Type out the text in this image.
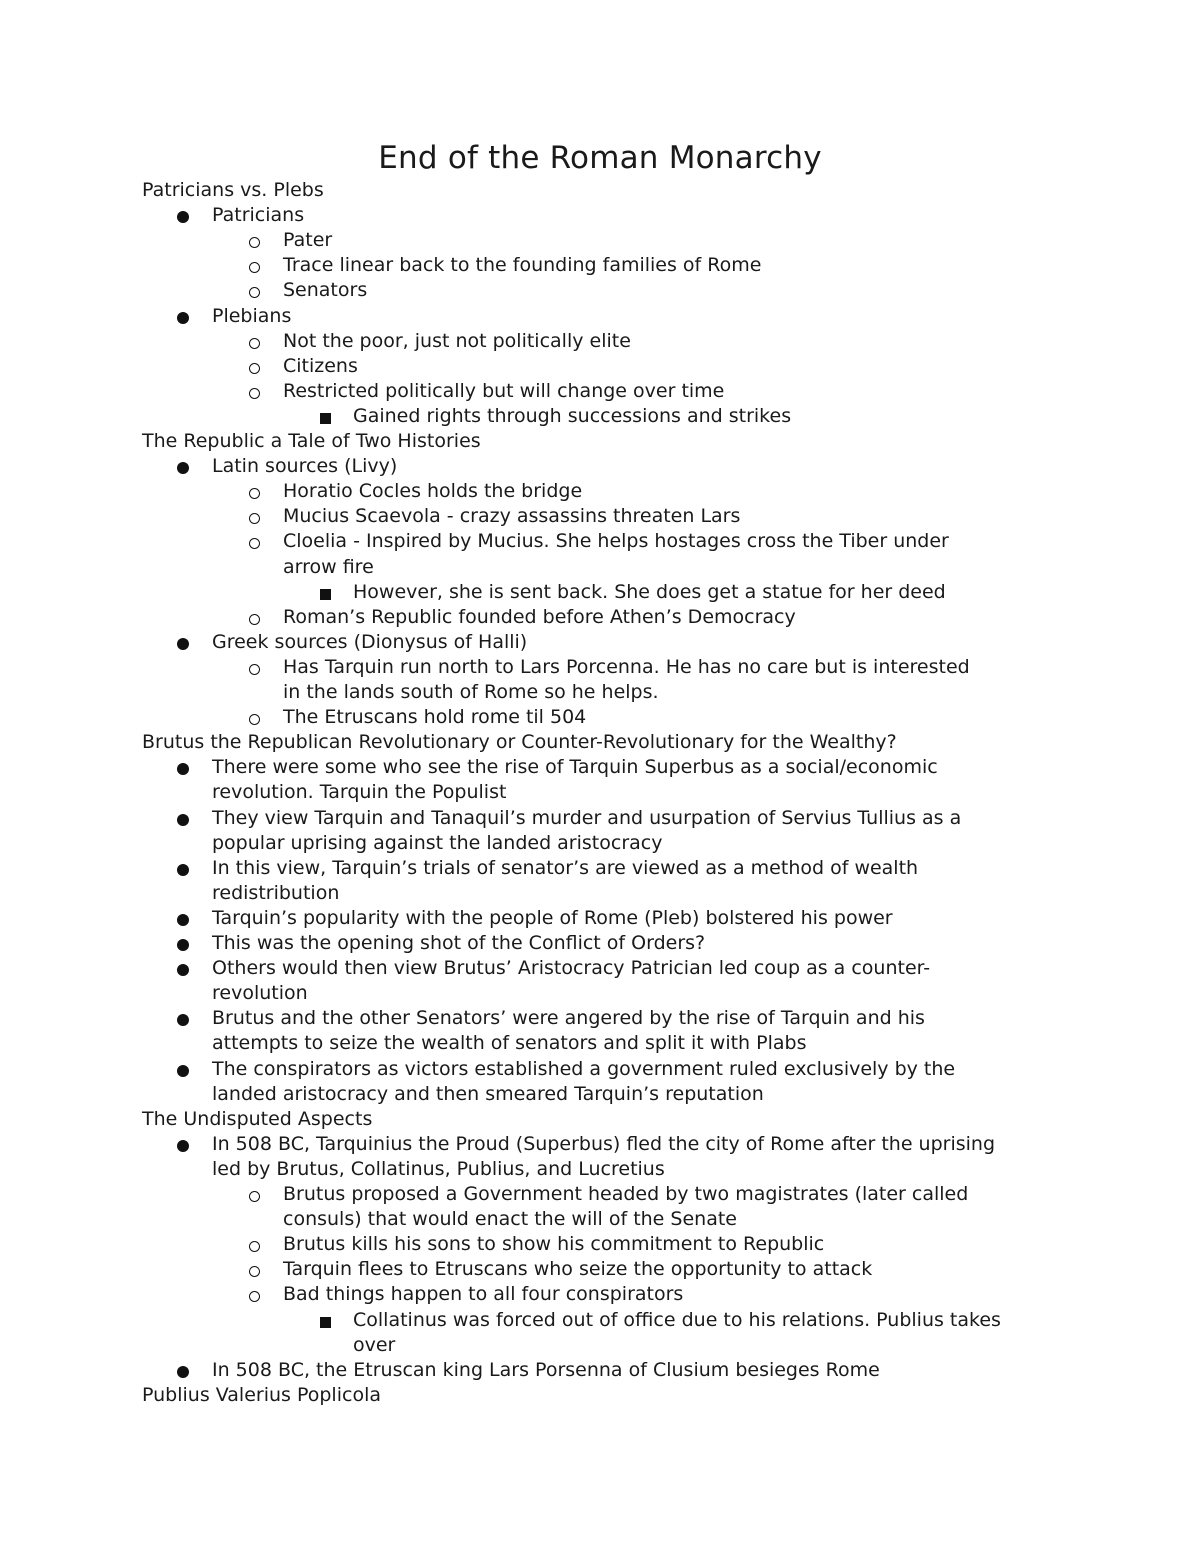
End of the Roman Monarchy
Patricians vs. Plebs
Patricians
Pater
Trace linear back to the founding families of Rome
Senators
Plebians
Not the poor, just not politically elite
Citizens
Restricted politically but will change over time
Gained rights through successions and strikes
The Republic a Tale of Two Histories
Latin sources (Livy)
Horatio Cocles holds the bridge
Mucius Scaevola - crazy assassins threaten Lars
Cloelia - Inspired by Mucius. She helps hostages cross the Tiber under
arrow fire
However, she is sent back. She does get a statue for her deed
Roman’s Republic founded before Athen’s Democracy
Greek sources (Dionysus of Halli)
Has Tarquin run north to Lars Porcenna. He has no care but is interested
in the lands south of Rome so he helps.
The Etruscans hold rome til 504
Brutus the Republican Revolutionary or Counter-Revolutionary for the Wealthy?
There were some who see the rise of Tarquin Superbus as a social/economic
revolution. Tarquin the Populist
They view Tarquin and Tanaquil’s murder and usurpation of Servius Tullius as a
popular uprising against the landed aristocracy
In this view, Tarquin’s trials of senator’s are viewed as a method of wealth
redistribution
Tarquin’s popularity with the people of Rome (Pleb) bolstered his power
This was the opening shot of the Conflict of Orders?
Others would then view Brutus’ Aristocracy Patrician led coup as a counter-
revolution
Brutus and the other Senators’ were angered by the rise of Tarquin and his
attempts to seize the wealth of senators and split it with Plabs
The conspirators as victors established a government ruled exclusively by the
landed aristocracy and then smeared Tarquin’s reputation
The Undisputed Aspects
In 508 BC, Tarquinius the Proud (Superbus) fled the city of Rome after the uprising
led by Brutus, Collatinus, Publius, and Lucretius
Brutus proposed a Government headed by two magistrates (later called
consuls) that would enact the will of the Senate
Brutus kills his sons to show his commitment to Republic
Tarquin flees to Etruscans who seize the opportunity to attack
Bad things happen to all four conspirators
Collatinus was forced out of office due to his relations. Publius takes
over
In 508 BC, the Etruscan king Lars Porsenna of Clusium besieges Rome
Publius Valerius Poplicola
